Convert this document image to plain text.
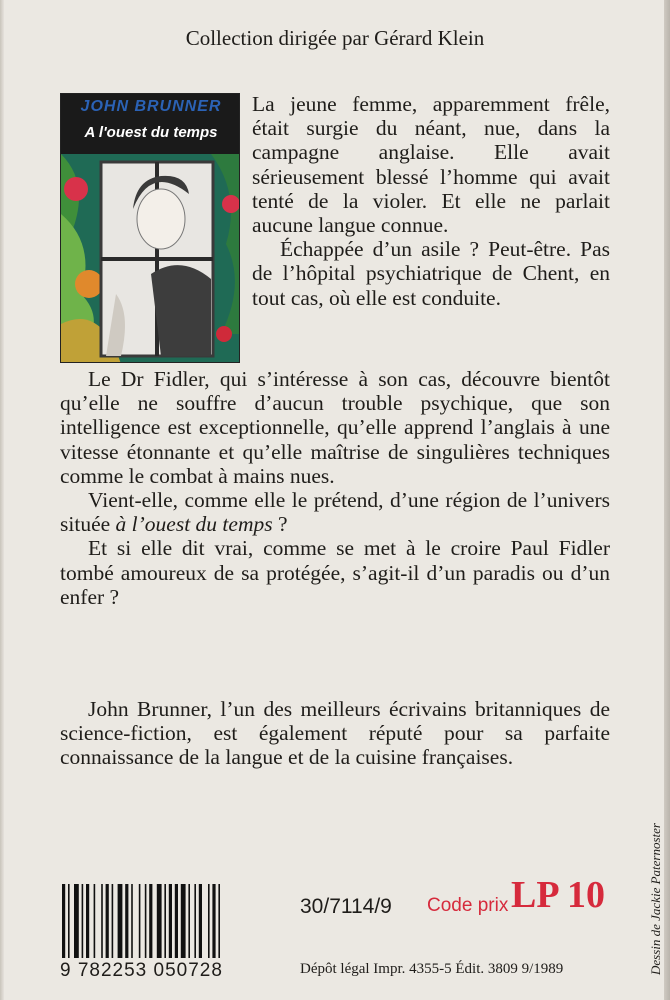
Collection dirigée par Gérard Klein
JOHN BRUNNER
A l'ouest du temps
La jeune femme, apparemment frêle, était surgie du néant, nue, dans la campagne anglaise. Elle avait sérieusement blessé l’homme qui avait tenté de la violer. Et elle ne parlait aucune langue connue.
Échappée d’un asile ? Peut-être. Pas de l’hôpital psychiatrique de Chent, en tout cas, où elle est conduite.
Le Dr Fidler, qui s’intéresse à son cas, découvre bientôt qu’elle ne souffre d’aucun trouble psychique, que son intelligence est exceptionnelle, qu’elle apprend l’anglais à une vitesse étonnante et qu’elle maîtrise de singulières techniques comme le combat à mains nues.
Vient-elle, comme elle le prétend, d’une région de l’univers située à l’ouest du temps ?
Et si elle dit vrai, comme se met à le croire Paul Fidler tombé amoureux de sa protégée, s’agit-il d’un paradis ou d’un enfer ?
John Brunner, l’un des meilleurs écrivains britanniques de science-fiction, est également réputé pour sa parfaite connaissance de la langue et de la cuisine françaises.
9 782253 050728
30/7114/9 Code prix LP 10
Dépôt légal Impr. 4355-5 Édit. 3809 9/1989	Dessin de Jackie Paternoster
